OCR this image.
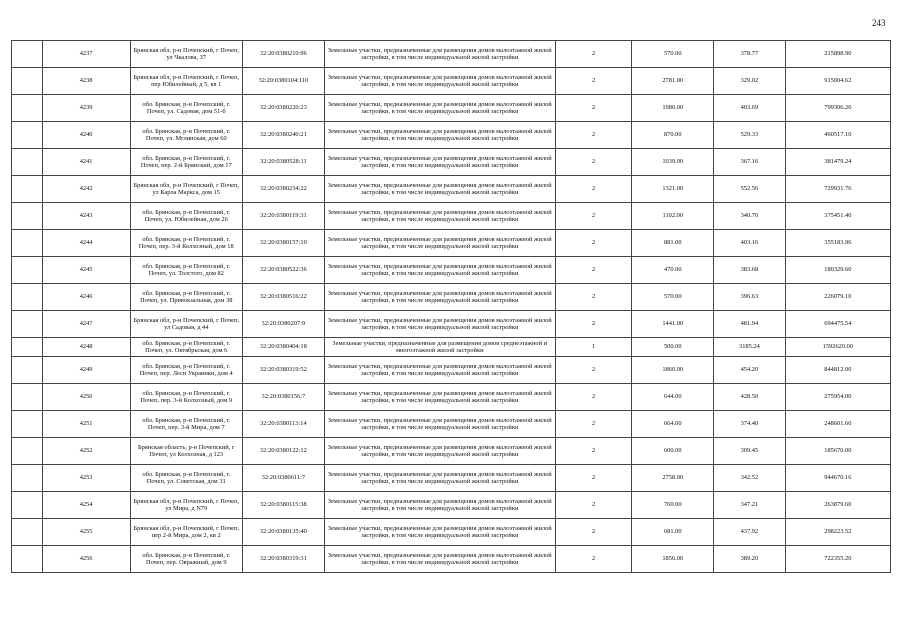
243
	4237	Брянская обл, р-н Почепский, г Почеп, ул Чкалова, 37	32:20:0380210:96	Земельные участки, предназначенные для размещения домов малоэтажной жилой застройки, в том числе индивидуальной жилой застройки	2	570.00	378.77	215898.90
	4238	Брянская обл, р-н Почепский, г Почеп, пер Юбилейный, д 5, кв 1	32:20:0380104:110	Земельные участки, предназначенные для размещения домов малоэтажной жилой застройки, в том числе индивидуальной жилой застройки	2	2781.00	329.02	915004.62
	4239	обл. Брянская, р-н Почепский, г. Почеп, ул. Садовая, дом 51-б	32:20:0380220:23	Земельные участки, предназначенные для размещения домов малоэтажной жилой застройки, в том числе индивидуальной жилой застройки	2	1980.00	403.69	799306.20
	4240	обл. Брянская, р-н Почепский, г. Почеп, ул. Мглинская, дом 60	32:20:0380240:21	Земельные участки, предназначенные для размещения домов малоэтажной жилой застройки, в том числе индивидуальной жилой застройки	2	870.00	529.33	460517.10
	4241	обл. Брянская, р-н Почепский, г. Почеп, пер. 2-й Брянский, дом 17	32:20:0380528:11	Земельные участки, предназначенные для размещения домов малоэтажной жилой застройки, в том числе индивидуальной жилой застройки	2	1039.00	367.16	381479.24
	4242	Брянская обл, р-н Почепский, г Почеп, ул Карла Маркса, дом 15	32:20:0380234:22	Земельные участки, предназначенные для размещения домов малоэтажной жилой застройки, в том числе индивидуальной жилой застройки	2	1321.00	552.56	729931.76
	4243	обл. Брянская, р-н Почепский, г. Почеп, ул. Юбилейная, дом 26	32:20:0380119:31	Земельные участки, предназначенные для размещения домов малоэтажной жилой застройки, в том числе индивидуальной жилой застройки	2	1102.00	340.70	375451.40
	4244	обл. Брянская, р-н Почепский, г. Почеп, пер. 3-й Колхозный, дом 18	32:20:0380157:10	Земельные участки, предназначенные для размещения домов малоэтажной жилой застройки, в том числе индивидуальной жилой застройки	2	881.00	403.16	355183.96
	4245	обл. Брянская, р-н Почепский, г. Почеп, ул. Толстого, дом 82	32:20:0380522:36	Земельные участки, предназначенные для размещения домов малоэтажной жилой застройки, в том числе индивидуальной жилой застройки	2	470.00	383.68	180329.60
	4246	обл. Брянская, р-н Почепский, г. Почеп, ул. Привокзальная, дом 38	32:20:0380516:22	Земельные участки, предназначенные для размещения домов малоэтажной жилой застройки, в том числе индивидуальной жилой застройки	2	570.00	396.63	226079.10
	4247	Брянская обл, р-н Почепский, г Почеп, ул Садовая, д 44	32:20:0380207:9	Земельные участки, предназначенные для размещения домов малоэтажной жилой застройки, в том числе индивидуальной жилой застройки	2	1441.00	481.94	694475.54
	4248	обл. Брянская, р-н Почепский, г. Почеп, ул. Октябрьская, дом 6	32:20:0380404:18	Земельные участки, предназначенные для размещения домов среднеэтажной и многоэтажной жилой застройки	1	500.00	3185.24	1592620.00
	4249	обл. Брянская, р-н Почепский, г. Почеп, пер. Леси Украинки, дом 4	32:20:0380319:52	Земельные участки, предназначенные для размещения домов малоэтажной жилой застройки, в том числе индивидуальной жилой застройки	2	1860.00	454.20	844812.00
	4250	обл. Брянская, р-н Почепский, г. Почеп, пер. 3-й Колхозный, дом 9	32:20:0380156:7	Земельные участки, предназначенные для размещения домов малоэтажной жилой застройки, в том числе индивидуальной жилой застройки	2	644.00	428.50	275954.00
	4251	обл. Брянская, р-н Почепский, г. Почеп, пер. 3-й Мира, дом 7	32:20:0380113:14	Земельные участки, предназначенные для размещения домов малоэтажной жилой застройки, в том числе индивидуальной жилой застройки	2	664.00	374.40	248601.60
	4252	Брянская область, р-н Почепский, г Почеп, ул Колхозная, д 123	32:20:0380122:12	Земельные участки, предназначенные для размещения домов малоэтажной жилой застройки, в том числе индивидуальной жилой застройки	2	600.00	309.45	185670.00
	4253	обл. Брянская, р-н Почепский, г. Почеп, ул. Советская, дом 31	32:20:0380611:7	Земельные участки, предназначенные для размещения домов малоэтажной жилой застройки, в том числе индивидуальной жилой застройки	2	2758.00	342.52	944670.16
	4254	Брянская обл, р-н Почепский, г Почеп, ул Мира, д N79	32:20:0380115:38	Земельные участки, предназначенные для размещения домов малоэтажной жилой застройки, в том числе индивидуальной жилой застройки	2	760.00	347.21	263879.60
	4255	Брянская обл, р-н Почепский, г Почеп, пер 2-й Мира, дом 2, кв 2	32:20:0380135:40	Земельные участки, предназначенные для размещения домов малоэтажной жилой застройки, в том числе индивидуальной жилой застройки	2	681.00	437.92	298223.52
	4256	обл. Брянская, р-н Почепский, г. Почеп, пер. Овражный, дом 9	32:20:0380319:31	Земельные участки, предназначенные для размещения домов малоэтажной жилой застройки, в том числе индивидуальной жилой застройки	2	1856.00	389.20	722355.20
